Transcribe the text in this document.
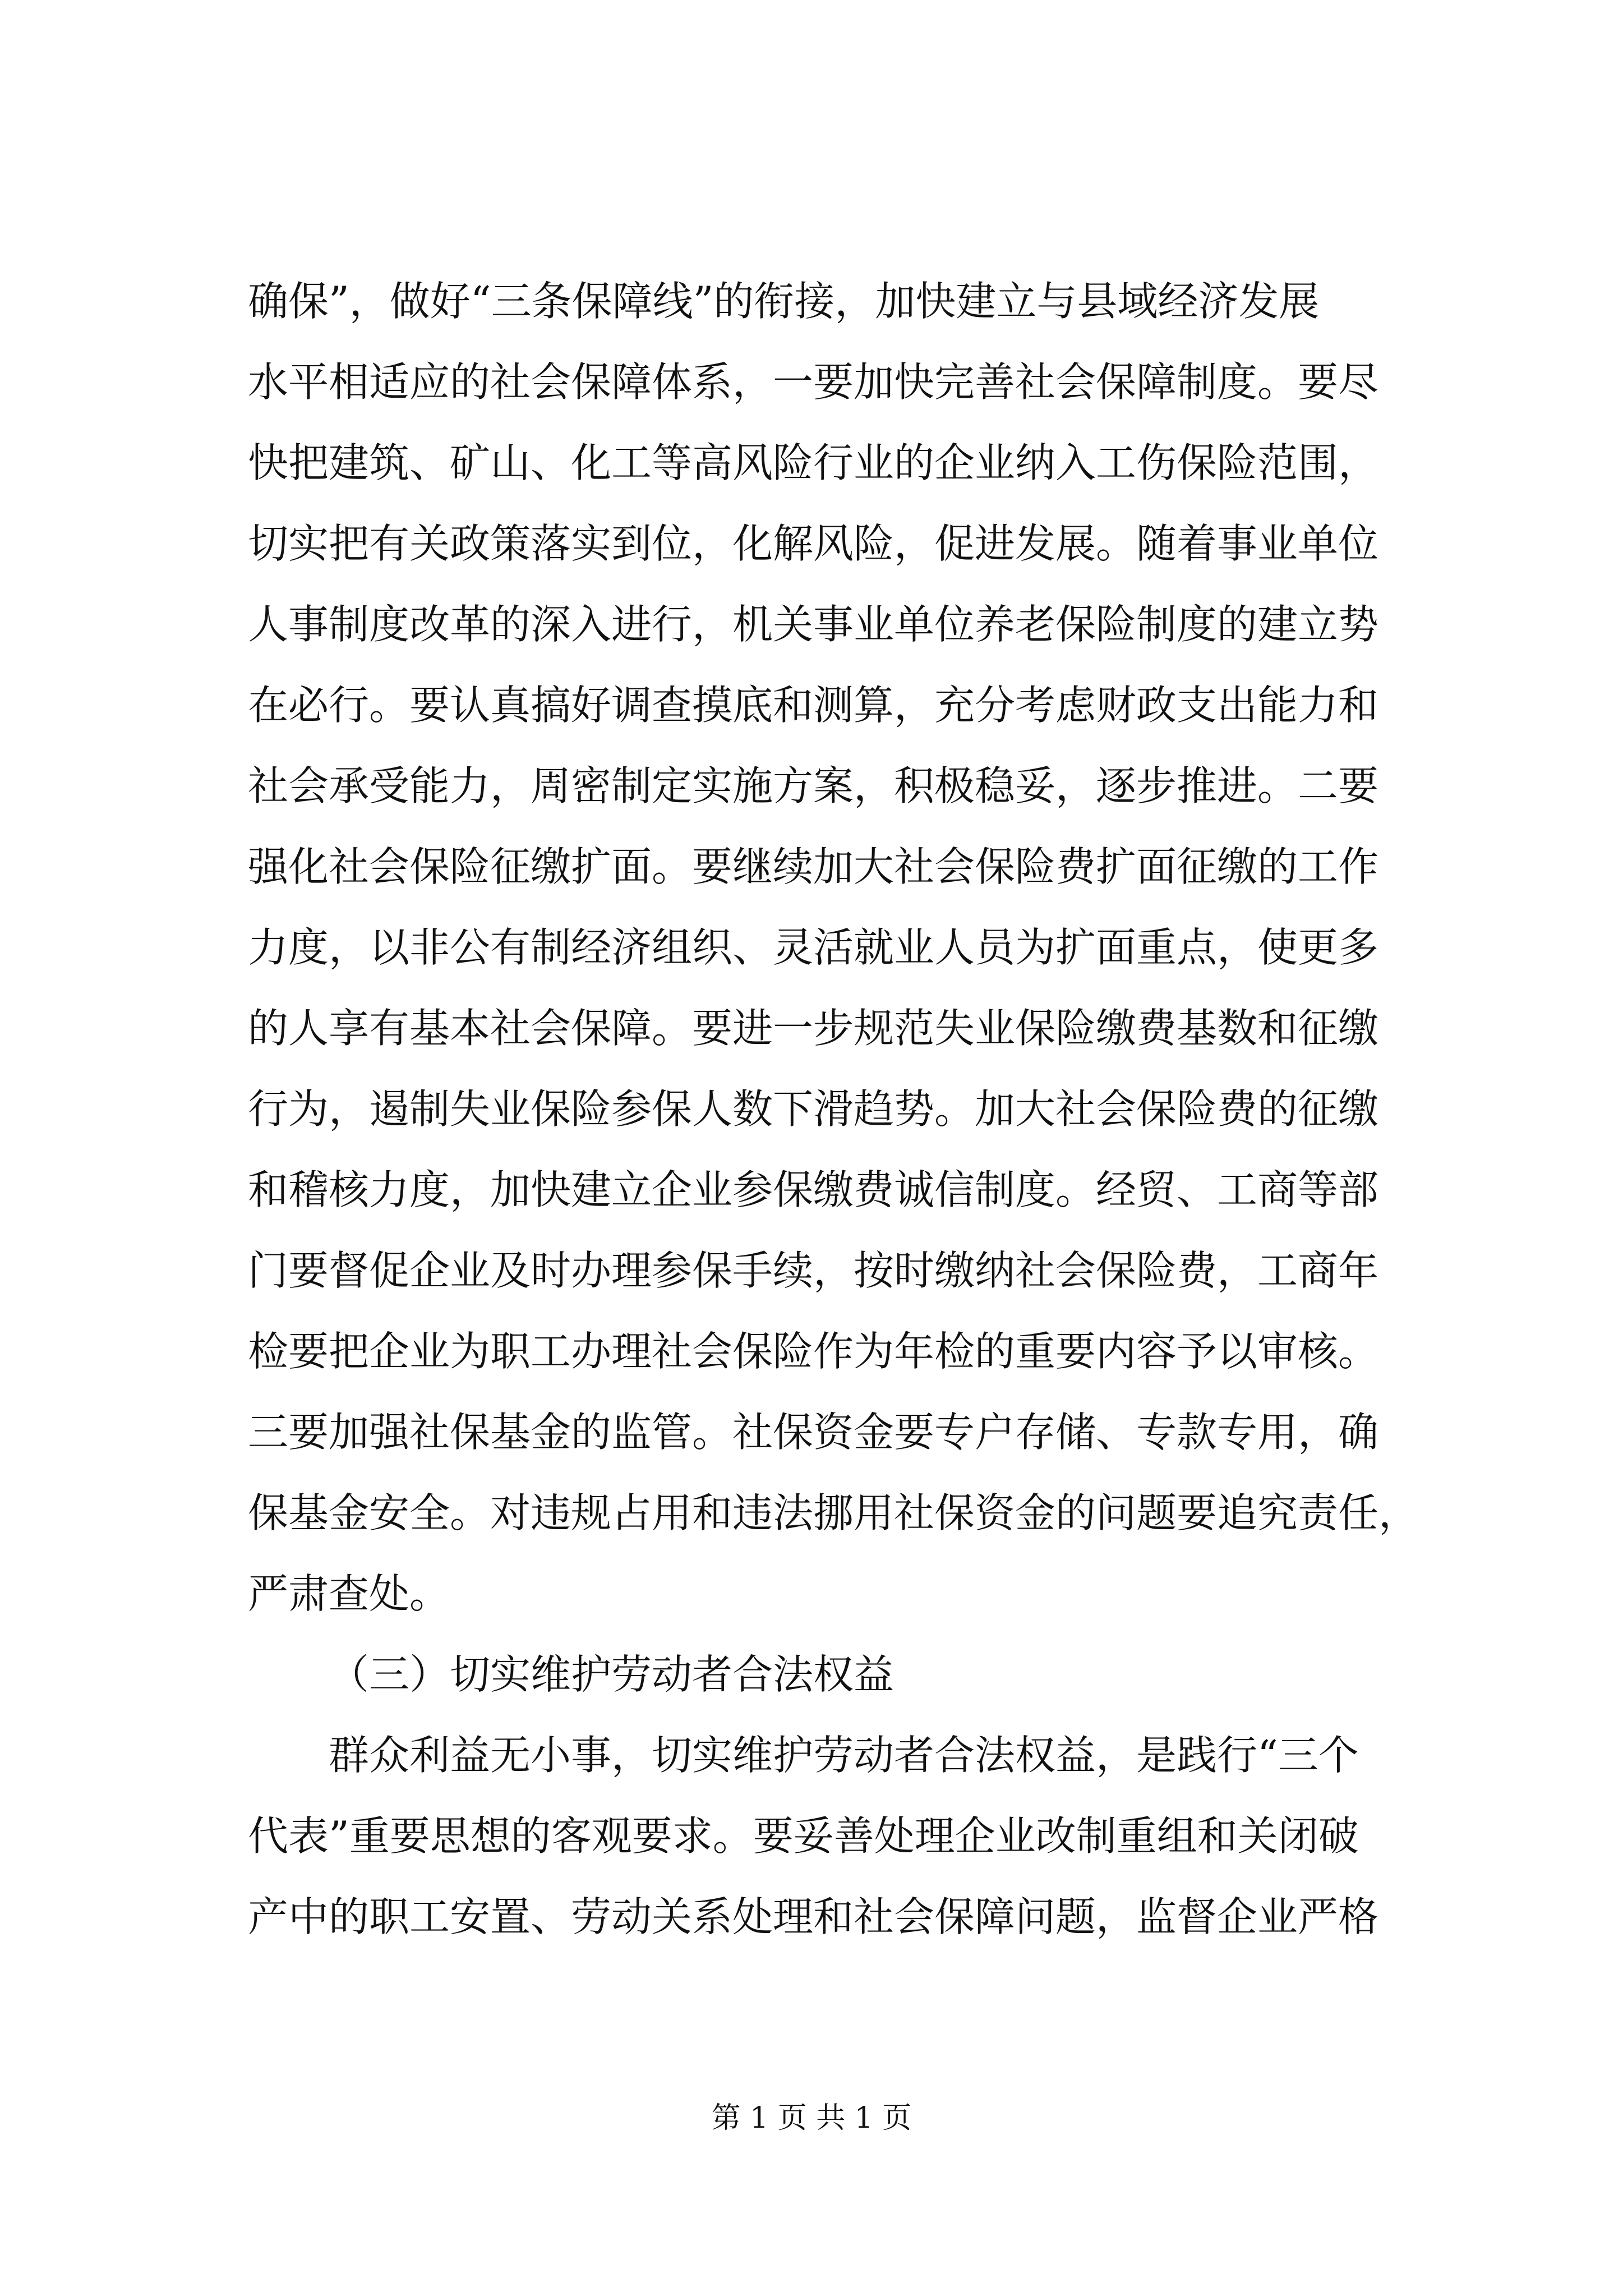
确保”，做好“三条保障线”的衔接，加快建立与县域经济发展
水平相适应的社会保障体系，一要加快完善社会保障制度。要尽
快把建筑、矿山、化工等高风险行业的企业纳入工伤保险范围，
切实把有关政策落实到位，化解风险，促进发展。随着事业单位
人事制度改革的深入进行，机关事业单位养老保险制度的建立势
在必行。要认真搞好调查摸底和测算，充分考虑财政支出能力和
社会承受能力，周密制定实施方案，积极稳妥，逐步推进。二要
强化社会保险征缴扩面。要继续加大社会保险费扩面征缴的工作
力度，以非公有制经济组织、灵活就业人员为扩面重点，使更多
的人享有基本社会保障。要进一步规范失业保险缴费基数和征缴
行为，遏制失业保险参保人数下滑趋势。加大社会保险费的征缴
和稽核力度，加快建立企业参保缴费诚信制度。经贸、工商等部
门要督促企业及时办理参保手续，按时缴纳社会保险费，工商年
检要把企业为职工办理社会保险作为年检的重要内容予以审核。
三要加强社保基金的监管。社保资金要专户存储、专款专用，确
保基金安全。对违规占用和违法挪用社保资金的问题要追究责任，
严肃查处。
（三）切实维护劳动者合法权益
群众利益无小事，切实维护劳动者合法权益，是践行“三个
代表”重要思想的客观要求。要妥善处理企业改制重组和关闭破
产中的职工安置、劳动关系处理和社会保障问题，监督企业严格
第 1 页 共 1 页
